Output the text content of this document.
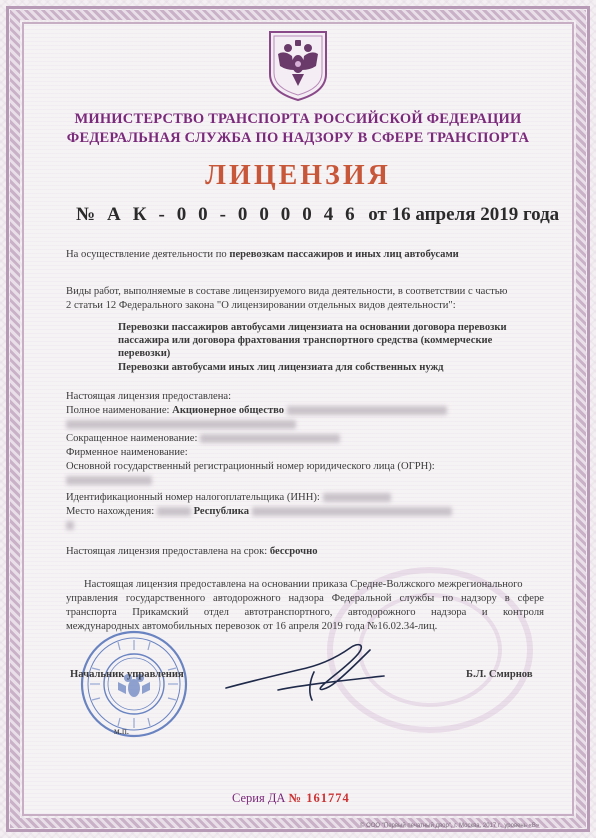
МИНИСТЕРСТВО ТРАНСПОРТА РОССИЙСКОЙ ФЕДЕРАЦИИ
ФЕДЕРАЛЬНАЯ СЛУЖБА ПО НАДЗОРУ В СФЕРЕ ТРАНСПОРТА
ЛИЦЕНЗИЯ
№ А К - 0 0 - 0 0 0 0 4 6 от 16 апреля 2019 года
На осуществление деятельности по перевозкам пассажиров и иных лиц автобусами
Виды работ, выполняемые в составе лицензируемого вида деятельности, в соответствии с частью
2 статьи 12 Федерального закона "О лицензировании отдельных видов деятельности":
Перевозки пассажиров автобусами лицензиата на основании договора перевозки
пассажира или договора фрахтования транспортного средства (коммерческие
перевозки)
Перевозки автобусами иных лиц лицензиата для собственных нужд
Настоящая лицензия предоставлена:
Полное наименование: Акционерное общество
Сокращенное наименование:
Фирменное наименование:
Основной государственный регистрационный номер юридического лица (ОГРН):
Идентификационный номер налогоплательщика (ИНН):
Место нахождения:	Республика
Настоящая лицензия предоставлена на срок: бессрочно
Настоящая лицензия предоставлена на основании приказа Средне-Волжского межрегионального
управления государственного автодорожного надзора Федеральной службы по надзору в сфере
транспорта Прикамский отдел автотранспортного, автодорожного надзора и контроля
международных автомобильных перевозок от 16 апреля 2019 года №16.02.34-лиц.
Начальник управления	Б.Л. Смирнов
м.п.
Серия ДА № 161774
© ООО "Первый печатный двор", г. Москва, 2017 г., уровень «В»
